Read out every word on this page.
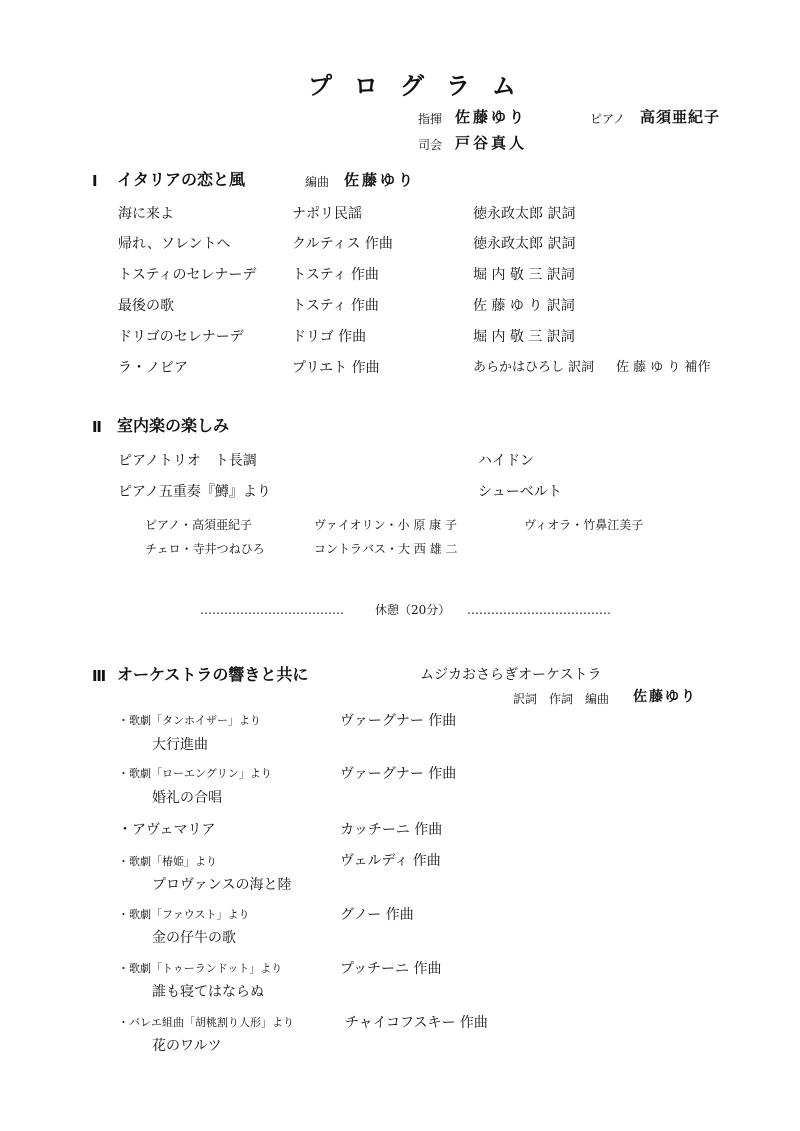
プログラム
指揮 佐藤ゆり	ピアノ 高須亜紀子
司会 戸谷真人
Ⅰ イタリアの恋と風	編曲 佐藤ゆり
海に来よ	ナポリ民謡	徳永政太郎 訳詞
帰れ、ソレントへ	クルティス 作曲	徳永政太郎 訳詞
トスティのセレナーデ	トスティ 作曲	堀 内 敬 三 訳詞
最後の歌	トスティ 作曲	佐 藤 ゆ り 訳詞
ドリゴのセレナーデ	ドリゴ 作曲	堀 内 敬 三 訳詞
ラ・ノビア	プリエト 作曲	あらかはひろし 訳詞 佐 藤 ゆ り 補作
Ⅱ 室内楽の楽しみ
ピアノトリオ　ト長調	ハイドン
ピアノ五重奏『鱒』より	シューベルト
ピアノ・高須亜紀子	ヴァイオリン・小 原 康 子	ヴィオラ・竹鼻江美子
チェロ・寺井つねひろ	コントラバス・大 西 雄 二
………………………………	休憩（20分） ………………………………
Ⅲ オーケストラの響きと共に	ムジカおさらぎオーケストラ
訳詞　作詞　編曲 佐藤ゆり
・歌劇「タンホイザー」より
大行進曲
ヴァーグナー 作曲
・歌劇「ローエングリン」より
婚礼の合唱
ヴァーグナー 作曲
・アヴェマリア	カッチーニ 作曲
・歌劇「椿姫」より
プロヴァンスの海と陸
ヴェルディ 作曲
・歌劇「ファウスト」より
金の仔牛の歌
グノー 作曲
・歌劇「トゥーランドット」より
誰も寝てはならぬ
プッチーニ 作曲
・バレエ組曲「胡桃割り人形」より
花のワルツ
チャイコフスキー 作曲
